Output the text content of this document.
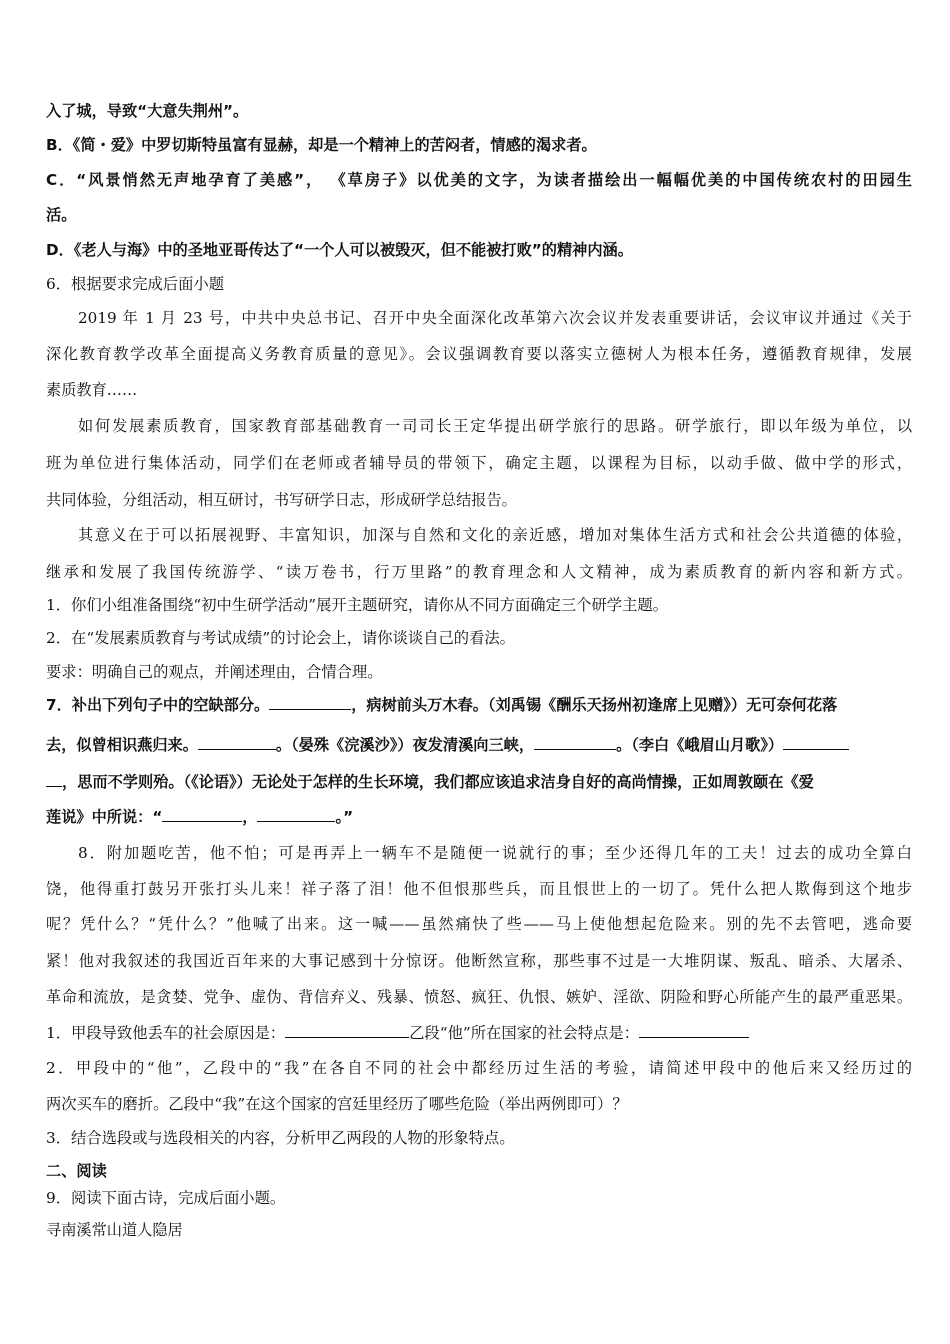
入了城，导致“大意失荆州”。
B．《简・爱》中罗切斯特虽富有显赫，却是一个精神上的苦闷者，情感的渴求者。
C．“风景悄然无声地孕育了美感”， 《草房子》以优美的文字，为读者描绘出一幅幅优美的中国传统农村的田园生
活。
D．《老人与海》中的圣地亚哥传达了“一个人可以被毁灭，但不能被打败”的精神内涵。
6．根据要求完成后面小题
2019 年 1 月 23 号，中共中央总书记、召开中央全面深化改革第六次会议并发表重要讲话，会议审议并通过《关于
深化教育教学改革全面提高义务教育质量的意见》。会议强调教育要以落实立德树人为根本任务，遵循教育规律，发展
素质教育……
如何发展素质教育，国家教育部基础教育一司司长王定华提出研学旅行的思路。研学旅行，即以年级为单位，以
班为单位进行集体活动，同学们在老师或者辅导员的带领下，确定主题，以课程为目标，以动手做、做中学的形式，
共同体验，分组活动，相互研讨，书写研学日志，形成研学总结报告。
其意义在于可以拓展视野、丰富知识，加深与自然和文化的亲近感，增加对集体生活方式和社会公共道德的体验，
继承和发展了我国传统游学、“读万卷书，行万里路”的教育理念和人文精神，成为素质教育的新内容和新方式。
1．你们小组准备围绕“初中生研学活动”展开主题研究，请你从不同方面确定三个研学主题。
2．在“发展素质教育与考试成绩”的讨论会上，请你谈谈自己的看法。
要求：明确自己的观点，并阐述理由，合情合理。
7．补出下列句子中的空缺部分。	，病树前头万木春。（刘禹锡《酬乐天扬州初逢席上见赠》）无可奈何花落
去，似曾相识燕归来。	。（晏殊《浣溪沙》）夜发清溪向三峡，	。（李白《峨眉山月歌》）
，思而不学则殆。（《论语》）无论处于怎样的生长环境，我们都应该追求洁身自好的高尚情操，正如周敦颐在《爱
莲说》中所说：“	，	。”
8．附加题吃苦，他不怕；可是再弄上一辆车不是随便一说就行的事；至少还得几年的工夫！过去的成功全算白
饶，他得重打鼓另开张打头儿来！祥子落了泪！他不但恨那些兵，而且恨世上的一切了。凭什么把人欺侮到这个地步
呢？凭什么？“凭什么？”他喊了出来。这一喊——虽然痛快了些——马上使他想起危险来。别的先不去管吧，逃命要
紧！他对我叙述的我国近百年来的大事记感到十分惊讶。他断然宣称，那些事不过是一大堆阴谋、叛乱、暗杀、大屠杀、
革命和流放，是贪婪、党争、虚伪、背信弃义、残暴、愤怒、疯狂、仇恨、嫉妒、淫欲、阴险和野心所能产生的最严重恶果。
1．甲段导致他丢车的社会原因是：	乙段“他”所在国家的社会特点是：
2．甲段中的“他”，乙段中的“我”在各自不同的社会中都经历过生活的考验，请简述甲段中的他后来又经历过的
两次买车的磨折。乙段中“我”在这个国家的宫廷里经历了哪些危险（举出两例即可）？
3．结合选段或与选段相关的内容，分析甲乙两段的人物的形象特点。
二、阅读
9．阅读下面古诗，完成后面小题。
寻南溪常山道人隐居
